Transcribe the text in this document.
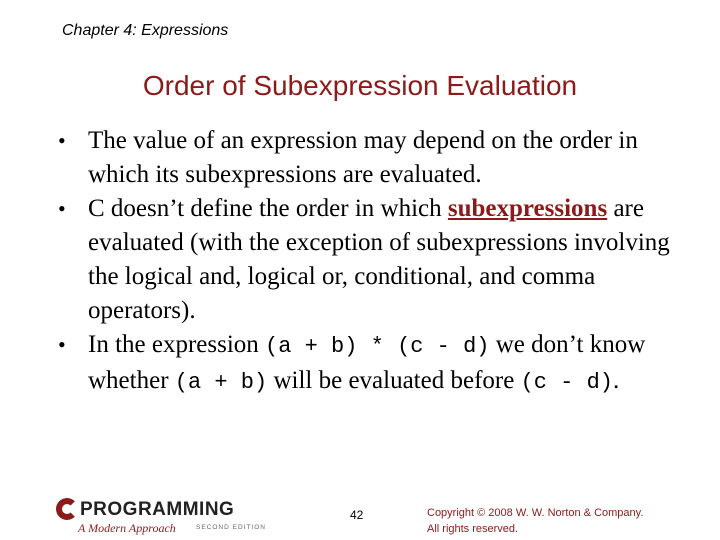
Chapter 4: Expressions
Order of Subexpression Evaluation
• The value of an expression may depend on the order in which its subexpressions are evaluated.
• C doesn’t define the order in which subexpressions are evaluated (with the exception of subexpressions involving the logical and, logical or, conditional, and comma operators).
• In the expression (a + b) * (c - d) we don’t know whether (a + b) will be evaluated before (c - d).
PROGRAMMING
A Modern Approach	SECOND EDITION
42	Copyright © 2008 W. W. Norton & Company.
All rights reserved.
